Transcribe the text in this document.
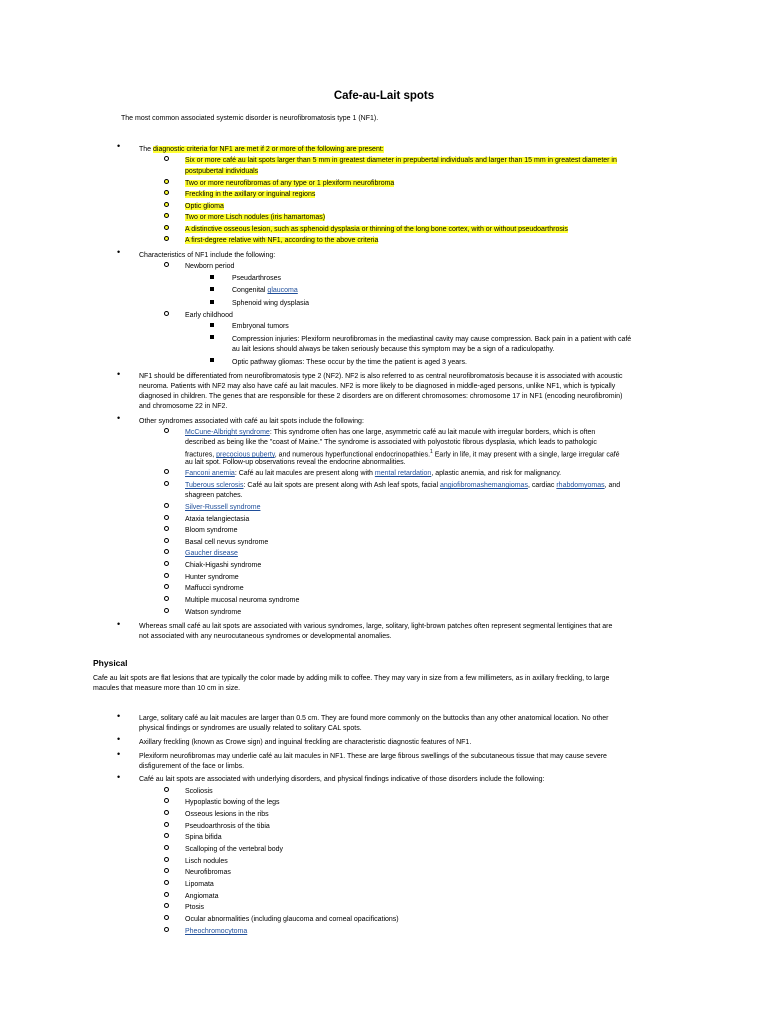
Cafe-au-Lait spots
The most common associated systemic disorder is neurofibromatosis type 1 (NF1).
•	The diagnostic criteria for NF1 are met if 2 or more of the following are present:
Six or more café au lait spots larger than 5 mm in greatest diameter in prepubertal individuals and larger than 15 mm in greatest diameter in
postpubertal individuals
Two or more neurofibromas of any type or 1 plexiform neurofibroma
Freckling in the axillary or inguinal regions
Optic glioma
Two or more Lisch nodules (iris hamartomas)
A distinctive osseous lesion, such as sphenoid dysplasia or thinning of the long bone cortex, with or without pseudoarthrosis
A first-degree relative with NF1, according to the above criteria
•	Characteristics of NF1 include the following:
Newborn period
Pseudarthroses
Congenital glaucoma
Sphenoid wing dysplasia
Early childhood
Embryonal tumors
Compression injuries: Plexiform neurofibromas in the mediastinal cavity may cause compression. Back pain in a patient with café
au lait lesions should always be taken seriously because this symptom may be a sign of a radiculopathy.
Optic pathway gliomas: These occur by the time the patient is aged 3 years.
•	NF1 should be differentiated from neurofibromatosis type 2 (NF2). NF2 is also referred to as central neurofibromatosis because it is associated with acoustic
neuroma. Patients with NF2 may also have café au lait macules. NF2 is more likely to be diagnosed in middle-aged persons, unlike NF1, which is typically
diagnosed in children. The genes that are responsible for these 2 disorders are on different chromosomes: chromosome 17 in NF1 (encoding neurofibromin)
and chromosome 22 in NF2.
•	Other syndromes associated with café au lait spots include the following:
McCune-Albright syndrome: This syndrome often has one large, asymmetric café au lait macule with irregular borders, which is often
described as being like the "coast of Maine." The syndrome is associated with polyostotic fibrous dysplasia, which leads to pathologic
fractures, precocious puberty, and numerous hyperfunctional endocrinopathies.$^1$ Early in life, it may present with a single, large irregular café
au lait spot. Follow-up observations reveal the endocrine abnormalities.
Fanconi anemia: Café au lait macules are present along with mental retardation, aplastic anemia, and risk for malignancy.
Tuberous sclerosis: Café au lait spots are present along with Ash leaf spots, facial angiofibromashemangiomas, cardiac rhabdomyomas, and
shagreen patches.
Silver-Russell syndrome
Ataxia telangiectasia
Bloom syndrome
Basal cell nevus syndrome
Gaucher disease
Chiak-Higashi syndrome
Hunter syndrome
Maffucci syndrome
Multiple mucosal neuroma syndrome
Watson syndrome
•	Whereas small café au lait spots are associated with various syndromes, large, solitary, light-brown patches often represent segmental lentigines that are
not associated with any neurocutaneous syndromes or developmental anomalies.
Physical
Cafe au lait spots are flat lesions that are typically the color made by adding milk to coffee. They may vary in size from a few millimeters, as in axillary freckling, to large
macules that measure more than 10 cm in size.
•	Large, solitary café au lait macules are larger than 0.5 cm. They are found more commonly on the buttocks than any other anatomical location. No other
physical findings or syndromes are usually related to solitary CAL spots.
•	Axillary freckling (known as Crowe sign) and inguinal freckling are characteristic diagnostic features of NF1.
•	Plexiform neurofibromas may underlie café au lait macules in NF1. These are large fibrous swellings of the subcutaneous tissue that may cause severe
disfigurement of the face or limbs.
•	Café au lait spots are associated with underlying disorders, and physical findings indicative of those disorders include the following:
Scoliosis
Hypoplastic bowing of the legs
Osseous lesions in the ribs
Pseudoarthrosis of the tibia
Spina bifida
Scalloping of the vertebral body
Lisch nodules
Neurofibromas
Lipomata
Angiomata
Ptosis
Ocular abnormalities (including glaucoma and corneal opacifications)
Pheochromocytoma
